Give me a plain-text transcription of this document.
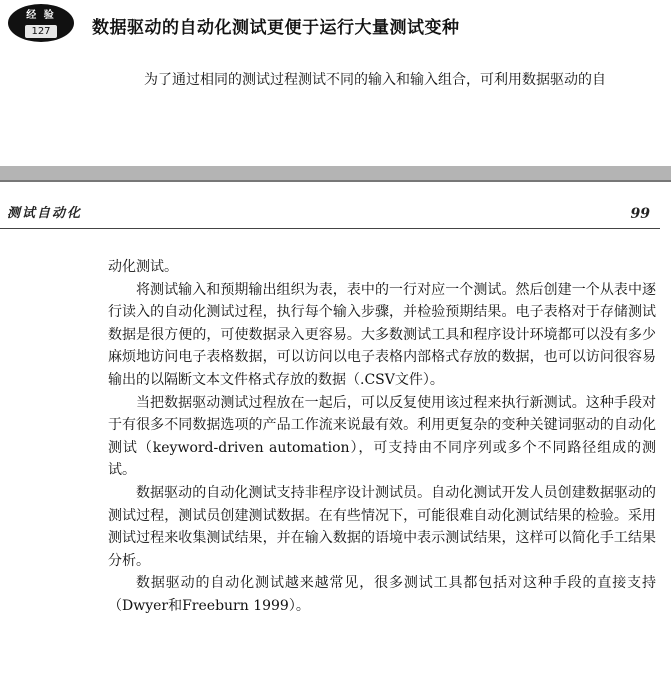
经 验
127	数据驱动的自动化测试更便于运行大量测试变种
为了通过相同的测试过程测试不同的输入和输入组合，可利用数据驱动的自
测试自动化	99

动化测试。

将测试输入和预期输出组织为表，表中的一行对应一个测试。然后创建一个从表中逐行读入的自动化测试过程，执行每个输入步骤，并检验预期结果。电子表格对于存储测试数据是很方便的，可使数据录入更容易。大多数测试工具和程序设计环境都可以没有多少麻烦地访问电子表格数据，可以访问以电子表格内部格式存放的数据，也可以访问很容易输出的以隔断文本文件格式存放的数据（.CSV文件）。

当把数据驱动测试过程放在一起后，可以反复使用该过程来执行新测试。这种手段对于有很多不同数据选项的产品工作流来说最有效。利用更复杂的变种关键词驱动的自动化测试（keyword-driven automation），可支持由不同序列或多个不同路径组成的测试。

数据驱动的自动化测试支持非程序设计测试员。自动化测试开发人员创建数据驱动的测试过程，测试员创建测试数据。在有些情况下，可能很难自动化测试结果的检验。采用测试过程来收集测试结果，并在输入数据的语境中表示测试结果，这样可以简化手工结果分析。

数据驱动的自动化测试越来越常见，很多测试工具都包括对这种手段的直接支持（Dwyer和Freeburn 1999）。
